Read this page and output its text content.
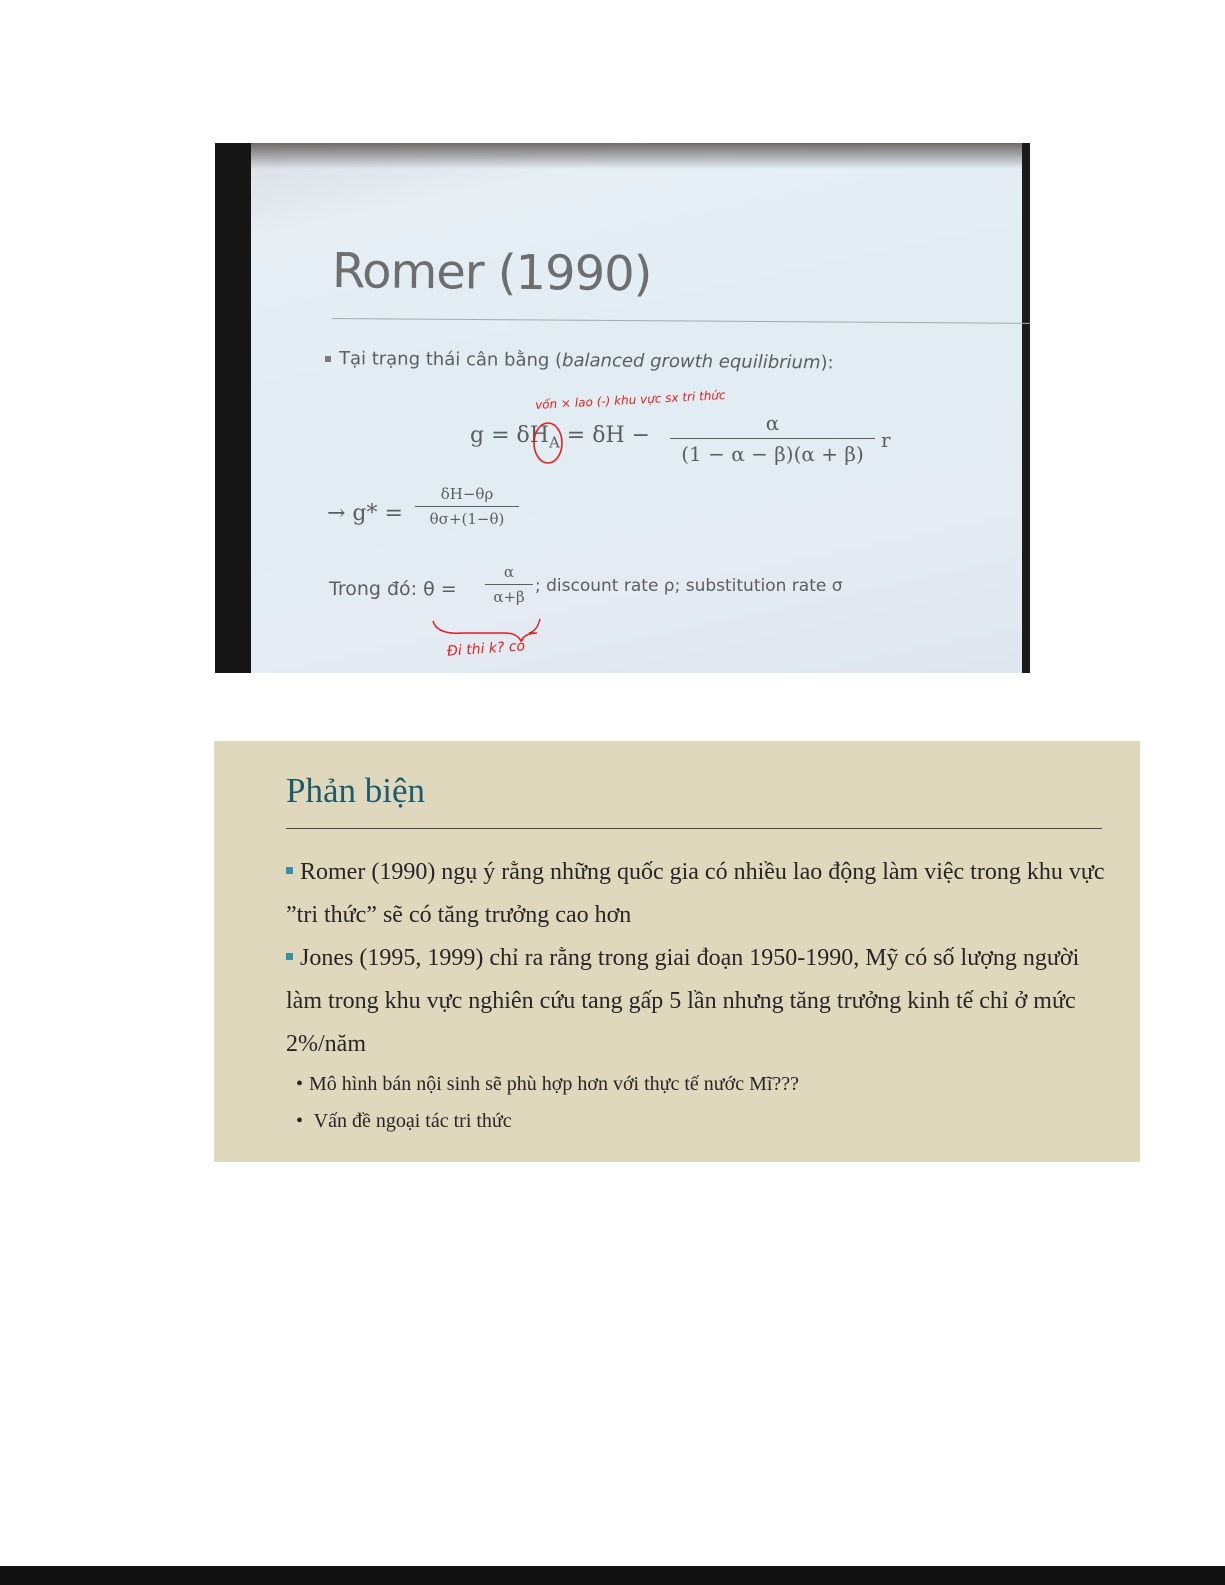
Romer (1990)
Tại trạng thái cân bằng (balanced growth equilibrium):
$g = \delta H_A = \delta H$ −	α
(1 − α − β)(α + β)
r
→ g* =
δH−θρ
θσ+(1−θ)
Trong đó: θ =
α
α+β
; discount rate ρ; substitution rate σ
vốn × lao (-) khu vực sx tri thức
Đi thi k? có
Phản biện
Romer (1990) ngụ ý rằng những quốc gia có nhiều lao động làm việc trong khu vực ”tri thức” sẽ có tăng trưởng cao hơn
Jones (1995, 1999) chỉ ra rằng trong giai đoạn 1950-1990, Mỹ có số lượng người làm trong khu vực nghiên cứu tang gấp 5 lần nhưng tăng trưởng kinh tế chỉ ở mức 2%/năm
• Mô hình bán nội sinh sẽ phù hợp hơn với thực tế nước Mĩ???
• Vấn đề ngoại tác tri thức
